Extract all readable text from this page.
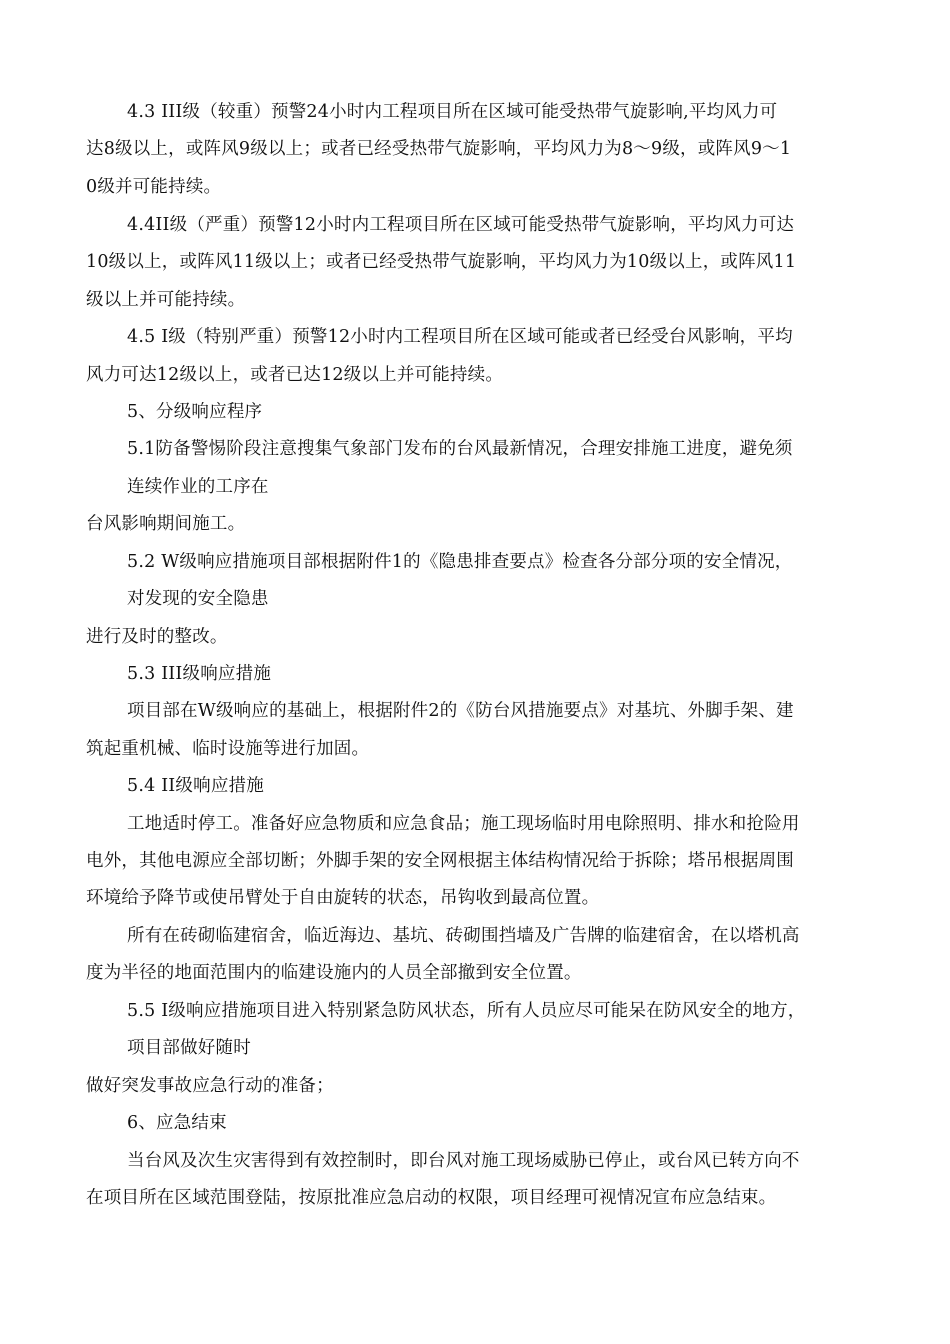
4.3 III级（较重）预警24小时内工程项目所在区域可能受热带气旋影响,平均风力可
达8级以上，或阵风9级以上；或者已经受热带气旋影响，平均风力为8〜9级，或阵风9〜1
0级并可能持续。
4.4II级（严重）预警12小时内工程项目所在区域可能受热带气旋影响，平均风力可达
10级以上，或阵风11级以上；或者已经受热带气旋影响，平均风力为10级以上，或阵风11
级以上并可能持续。
4.5 I级（特别严重）预警12小时内工程项目所在区域可能或者已经受台风影响，平均
风力可达12级以上，或者已达12级以上并可能持续。
5、分级响应程序
5.1防备警惕阶段注意搜集气象部门发布的台风最新情况，合理安排施工进度，避免须
连续作业的工序在
台风影响期间施工。
5.2 W级响应措施项目部根据附件1的《隐患排查要点》检查各分部分项的安全情况，
对发现的安全隐患
进行及时的整改。
5.3 III级响应措施
项目部在W级响应的基础上，根据附件2的《防台风措施要点》对基坑、外脚手架、建
筑起重机械、临时设施等进行加固。
5.4 II级响应措施
工地适时停工。准备好应急物质和应急食品；施工现场临时用电除照明、排水和抢险用
电外，其他电源应全部切断；外脚手架的安全网根据主体结构情况给于拆除；塔吊根据周围
环境给予降节或使吊臂处于自由旋转的状态，吊钩收到最高位置。
所有在砖砌临建宿舍，临近海边、基坑、砖砌围挡墙及广告牌的临建宿舍，在以塔机高
度为半径的地面范围内的临建设施内的人员全部撤到安全位置。
5.5 I级响应措施项目进入特别紧急防风状态，所有人员应尽可能呆在防风安全的地方，
项目部做好随时
做好突发事故应急行动的准备；
6、应急结束
当台风及次生灾害得到有效控制时，即台风对施工现场威胁已停止，或台风已转方向不
在项目所在区域范围登陆，按原批准应急启动的权限，项目经理可视情况宣布应急结束。
